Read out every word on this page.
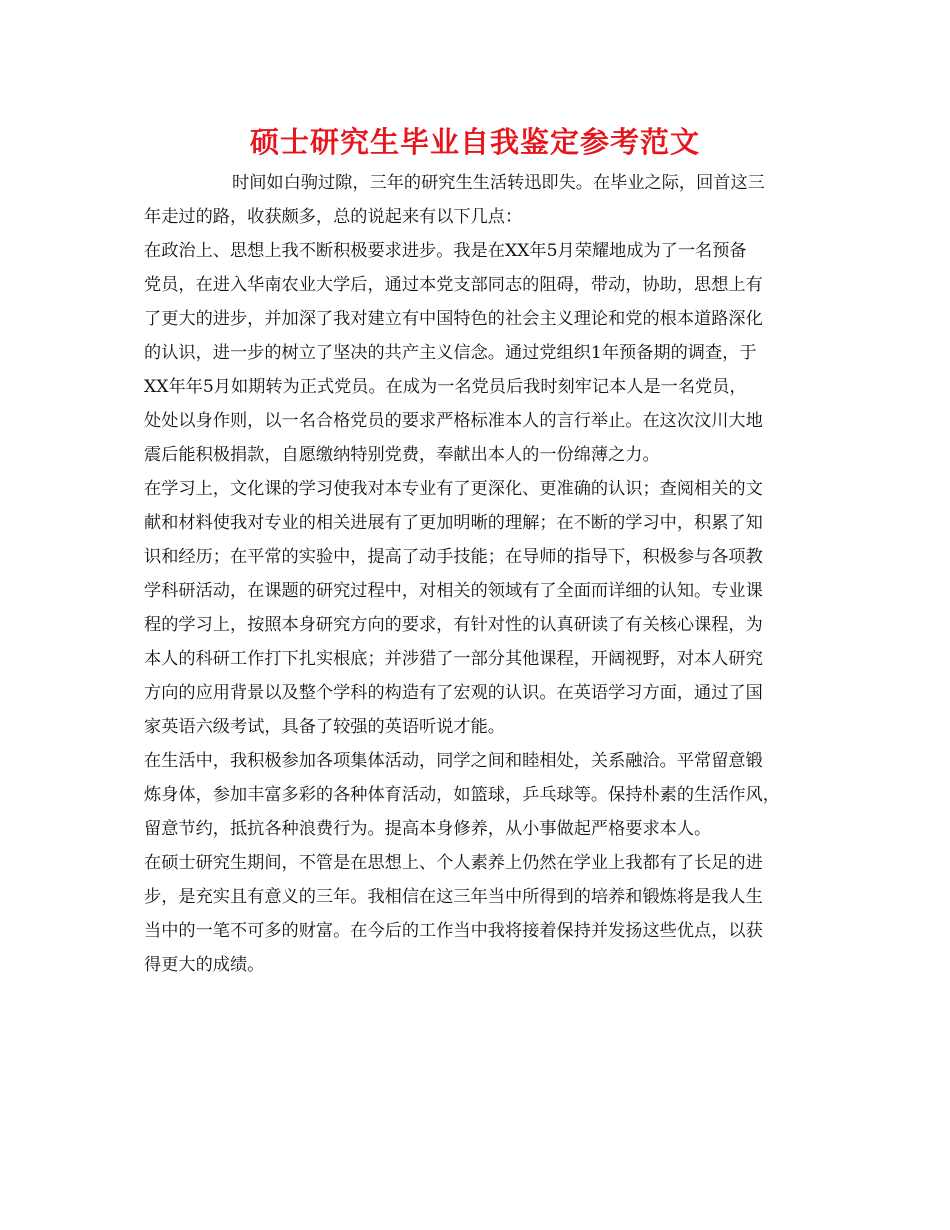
硕士研究生毕业自我鉴定参考范文
时间如白驹过隙，三年的研究生生活转迅即失。在毕业之际，回首这三
年走过的路，收获颇多，总的说起来有以下几点：
在政治上、思想上我不断积极要求进步。我是在XX年5月荣耀地成为了一名预备
党员，在进入华南农业大学后，通过本党支部同志的阻碍，带动，协助，思想上有
了更大的进步，并加深了我对建立有中国特色的社会主义理论和党的根本道路深化
的认识，进一步的树立了坚决的共产主义信念。通过党组织1年预备期的调查，于
XX年年5月如期转为正式党员。在成为一名党员后我时刻牢记本人是一名党员，
处处以身作则，以一名合格党员的要求严格标准本人的言行举止。在这次汶川大地
震后能积极捐款，自愿缴纳特别党费，奉献出本人的一份绵薄之力。
在学习上，文化课的学习使我对本专业有了更深化、更准确的认识；查阅相关的文
献和材料使我对专业的相关进展有了更加明晰的理解；在不断的学习中，积累了知
识和经历；在平常的实验中，提高了动手技能；在导师的指导下，积极参与各项教
学科研活动，在课题的研究过程中，对相关的领域有了全面而详细的认知。专业课
程的学习上，按照本身研究方向的要求，有针对性的认真研读了有关核心课程，为
本人的科研工作打下扎实根底；并涉猎了一部分其他课程，开阔视野，对本人研究
方向的应用背景以及整个学科的构造有了宏观的认识。在英语学习方面，通过了国
家英语六级考试，具备了较强的英语听说才能。
在生活中，我积极参加各项集体活动，同学之间和睦相处，关系融洽。平常留意锻
炼身体，参加丰富多彩的各种体育活动，如篮球，乒乓球等。保持朴素的生活作风，
留意节约，抵抗各种浪费行为。提高本身修养，从小事做起严格要求本人。
在硕士研究生期间，不管是在思想上、个人素养上仍然在学业上我都有了长足的进
步，是充实且有意义的三年。我相信在这三年当中所得到的培养和锻炼将是我人生
当中的一笔不可多的财富。在今后的工作当中我将接着保持并发扬这些优点，以获
得更大的成绩。
